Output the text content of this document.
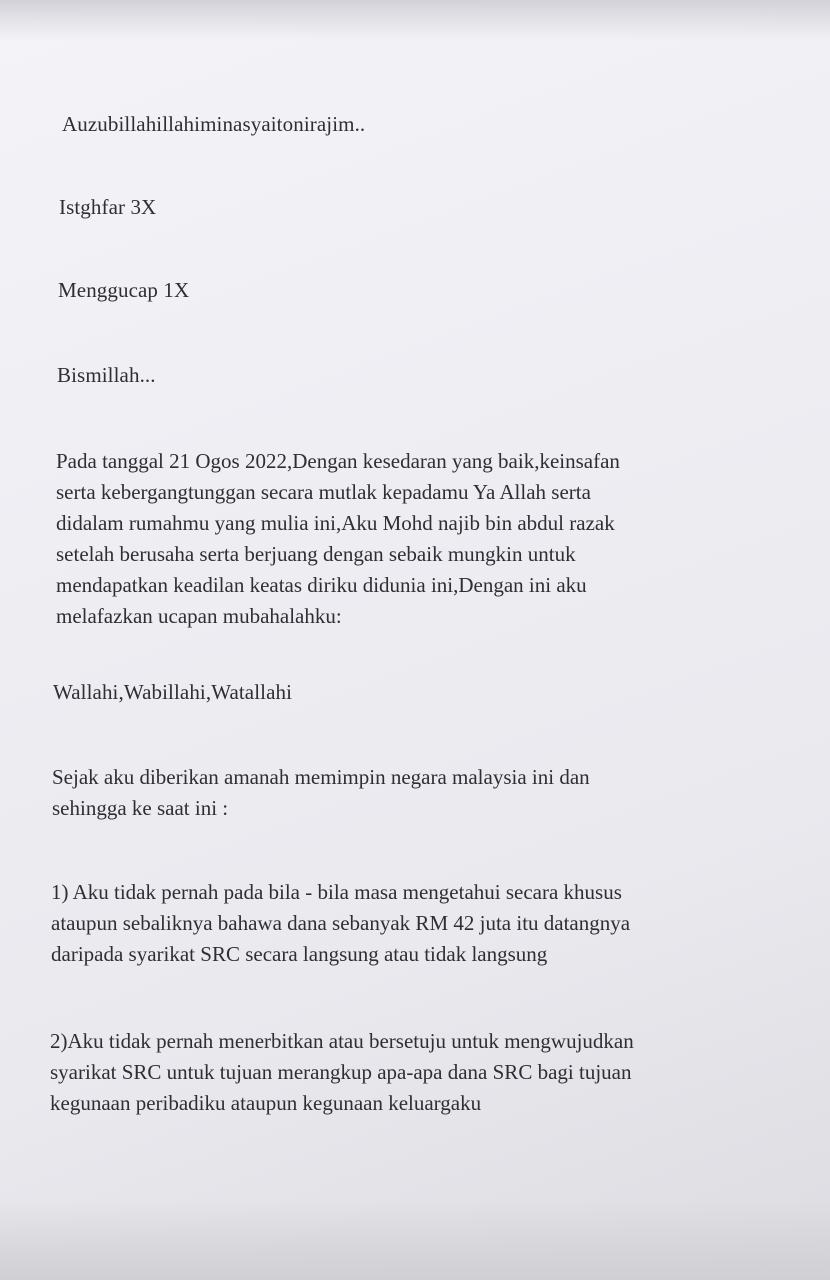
Auzubillahillahiminasyaitonirajim..
Istghfar 3X
Menggucap 1X
Bismillah...
Pada tanggal 21 Ogos 2022,Dengan kesedaran yang baik,keinsafan
serta kebergangtunggan secara mutlak kepadamu Ya Allah serta
didalam rumahmu yang mulia ini,Aku Mohd najib bin abdul razak
setelah berusaha serta berjuang dengan sebaik mungkin untuk
mendapatkan keadilan keatas diriku didunia ini,Dengan ini aku
melafazkan ucapan mubahalahku:
Wallahi,Wabillahi,Watallahi
Sejak aku diberikan amanah memimpin negara malaysia ini dan
sehingga ke saat ini :
1) Aku tidak pernah pada bila - bila masa mengetahui secara khusus
ataupun sebaliknya bahawa dana sebanyak RM 42 juta itu datangnya
daripada syarikat SRC secara langsung atau tidak langsung
2)Aku tidak pernah menerbitkan atau bersetuju untuk mengwujudkan
syarikat SRC untuk tujuan merangkup apa-apa dana SRC bagi tujuan
kegunaan peribadiku ataupun kegunaan keluargaku
